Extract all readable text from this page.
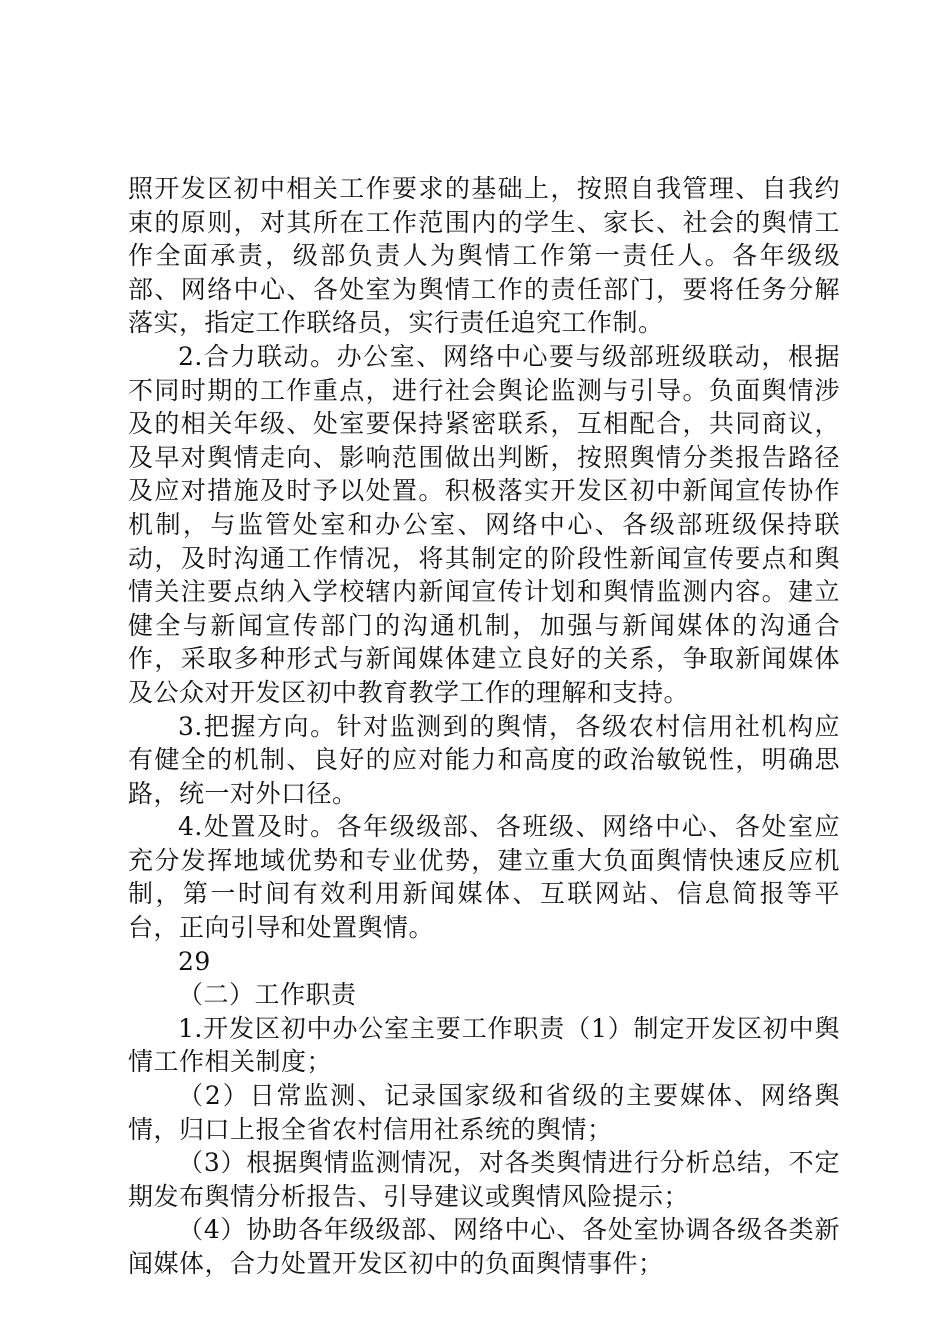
照开发区初中相关工作要求的基础上，按照自我管理、自我约束的原则，对其所在工作范围内的学生、家长、社会的舆情工作全面承责，级部负责人为舆情工作第一责任人。各年级级部、网络中心、各处室为舆情工作的责任部门，要将任务分解落实，指定工作联络员，实行责任追究工作制。

2.合力联动。办公室、网络中心要与级部班级联动，根据不同时期的工作重点，进行社会舆论监测与引导。负面舆情涉及的相关年级、处室要保持紧密联系，互相配合，共同商议，及早对舆情走向、影响范围做出判断，按照舆情分类报告路径及应对措施及时予以处置。积极落实开发区初中新闻宣传协作机制，与监管处室和办公室、网络中心、各级部班级保持联动，及时沟通工作情况，将其制定的阶段性新闻宣传要点和舆情关注要点纳入学校辖内新闻宣传计划和舆情监测内容。建立健全与新闻宣传部门的沟通机制，加强与新闻媒体的沟通合作，采取多种形式与新闻媒体建立良好的关系，争取新闻媒体及公众对开发区初中教育教学工作的理解和支持。

3.把握方向。针对监测到的舆情，各级农村信用社机构应有健全的机制、良好的应对能力和高度的政治敏锐性，明确思路，统一对外口径。

4.处置及时。各年级级部、各班级、网络中心、各处室应充分发挥地域优势和专业优势，建立重大负面舆情快速反应机制，第一时间有效利用新闻媒体、互联网站、信息简报等平台，正向引导和处置舆情。

29

（二）工作职责

1.开发区初中办公室主要工作职责（1）制定开发区初中舆情工作相关制度；

（2）日常监测、记录国家级和省级的主要媒体、网络舆情，归口上报全省农村信用社系统的舆情；

（3）根据舆情监测情况，对各类舆情进行分析总结，不定期发布舆情分析报告、引导建议或舆情风险提示；

（4）协助各年级级部、网络中心、各处室协调各级各类新闻媒体，合力处置开发区初中的负面舆情事件；
